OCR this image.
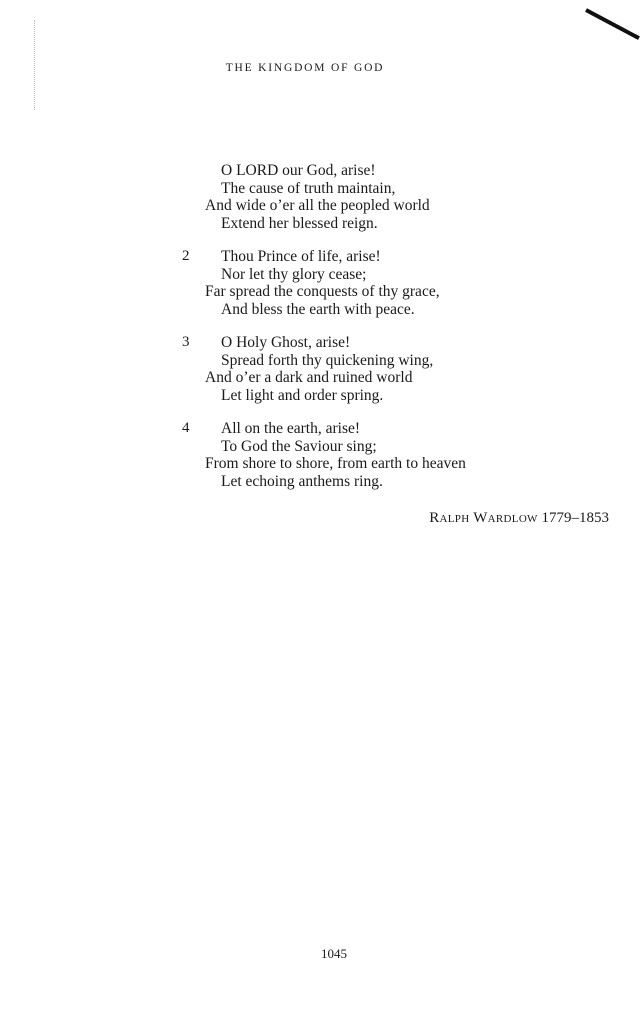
THE KINGDOM OF GOD
O LORD our God, arise!
The cause of truth maintain,
And wide o’er all the peopled world
Extend her blessed reign.
2	Thou Prince of life, arise!
Nor let thy glory cease;
Far spread the conquests of thy grace,
And bless the earth with peace.
3	O Holy Ghost, arise!
Spread forth thy quickening wing,
And o’er a dark and ruined world
Let light and order spring.
4	All on the earth, arise!
To God the Saviour sing;
From shore to shore, from earth to heaven
Let echoing anthems ring.
Ralph Wardlow 1779–1853
1045
